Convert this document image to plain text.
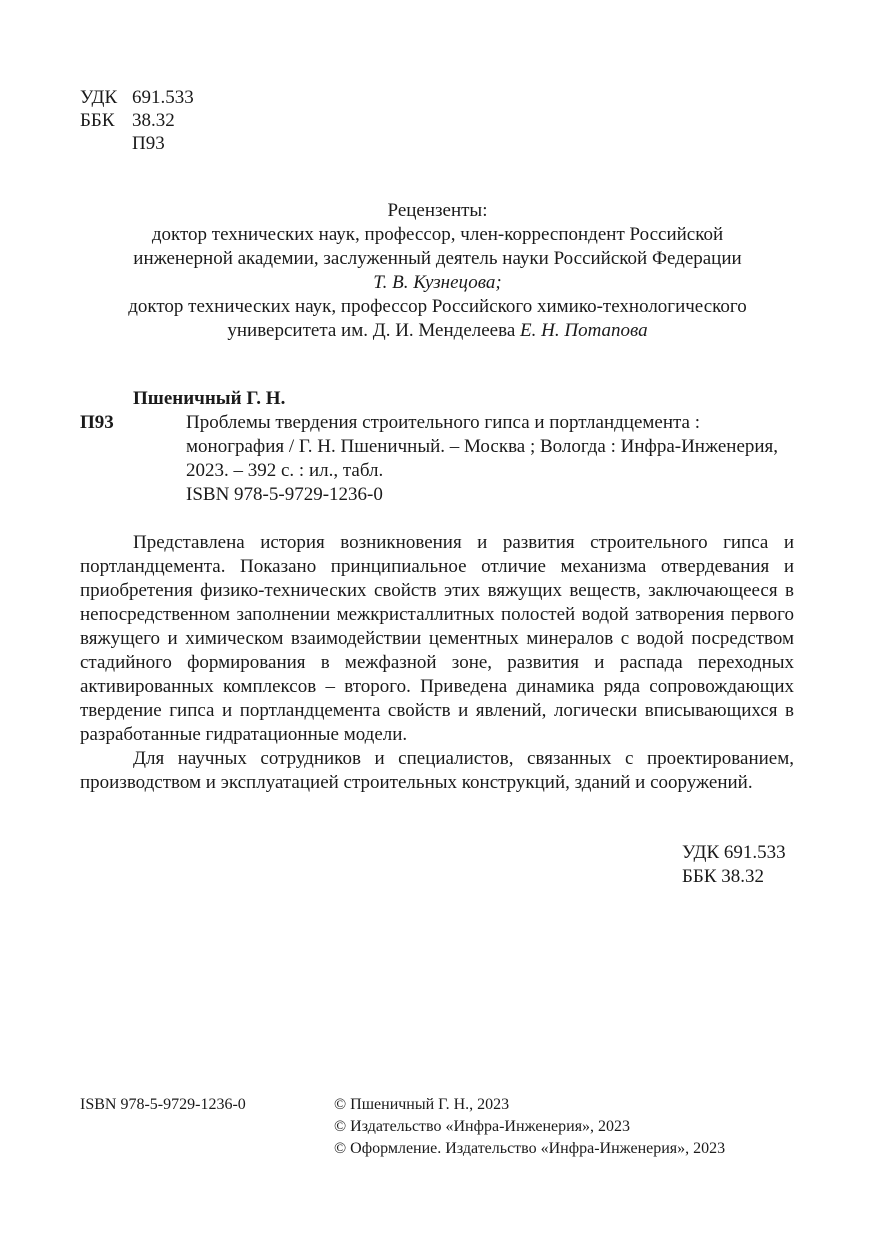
УДК 691.533
ББК 38.32
П93
Рецензенты:
доктор технических наук, профессор, член-корреспондент Российской
инженерной академии, заслуженный деятель науки Российской Федерации
Т. В. Кузнецова;
доктор технических наук, профессор Российского химико-технологического
университета им. Д. И. Менделеева Е. Н. Потапова
Пшеничный Г. Н.
П93	Проблемы твердения строительного гипса и портландцемента : монография / Г. Н. Пшеничный. – Москва ; Вологда : Инфра-Инженерия, 2023. – 392 с. : ил., табл.
ISBN 978-5-9729-1236-0

Представлена история возникновения и развития строительного гипса и портландцемента. Показано принципиальное отличие механизма отвердевания и приобретения физико-технических свойств этих вяжущих веществ, заключающееся в непосредственном заполнении межкристаллитных полостей водой затворения первого вяжущего и химическом взаимодействии цементных минералов с водой посредством стадийного формирования в межфазной зоне, развития и распада переходных активированных комплексов – второго. Приведена динамика ряда сопровождающих твердение гипса и портландцемента свойств и явлений, логически вписывающихся в разработанные гидратационные модели.

Для научных сотрудников и специалистов, связанных с проектированием, производством и эксплуатацией строительных конструкций, зданий и сооружений.

УДК 691.533
ББК 38.32
ISBN 978-5-9729-1236-0	© Пшеничный Г. Н., 2023
© Издательство «Инфра-Инженерия», 2023
© Оформление. Издательство «Инфра-Инженерия», 2023
